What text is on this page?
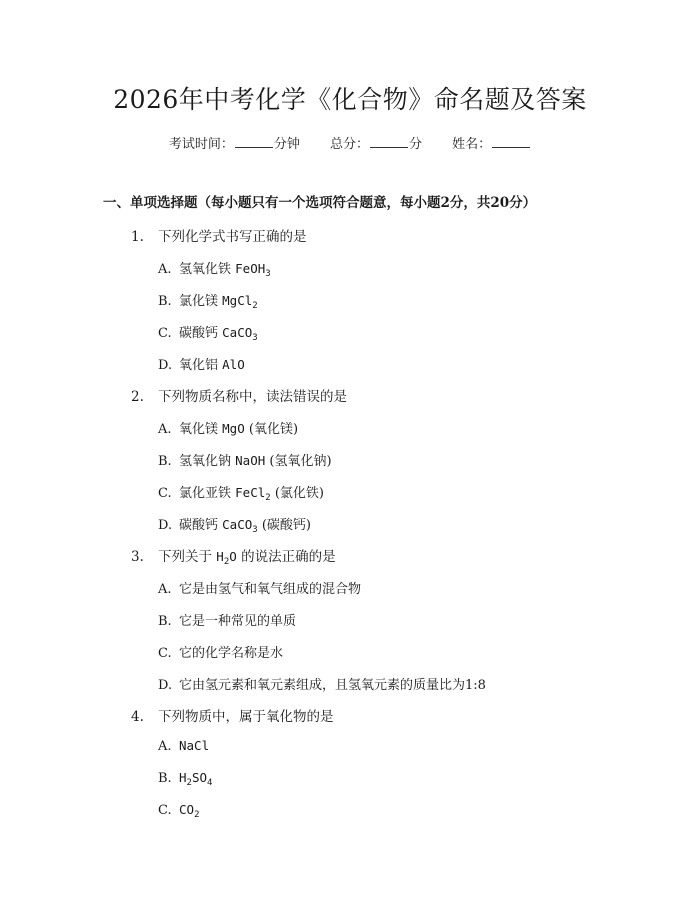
2026年中考化学《化合物》命名题及答案
考试时间：	分钟 总分：	分 姓名：
一、单项选择题（每小题只有一个选项符合题意，每小题2分，共20分）
1. 下列化学式书写正确的是
A. 氢氧化铁 FeOH$_3$
B. 氯化镁 MgCl$_2$
C. 碳酸钙 CaCO$_3$
D. 氧化铝 AlO
2. 下列物质名称中，读法错误的是
A. 氧化镁 MgO (氧化镁)
B. 氢氧化钠 NaOH (氢氧化钠)
C. 氯化亚铁 FeCl$_2$ (氯化铁)
D. 碳酸钙 CaCO$_3$ (碳酸钙)
3. 下列关于 $H_2O$ 的说法正确的是
A. 它是由氢气和氧气组成的混合物
B. 它是一种常见的单质
C. 它的化学名称是水
D. 它由氢元素和氧元素组成，且氢氧元素的质量比为1:8
4. 下列物质中，属于氧化物的是
A. NaCl
B. $H_2SO_4$
C. $CO_2$
